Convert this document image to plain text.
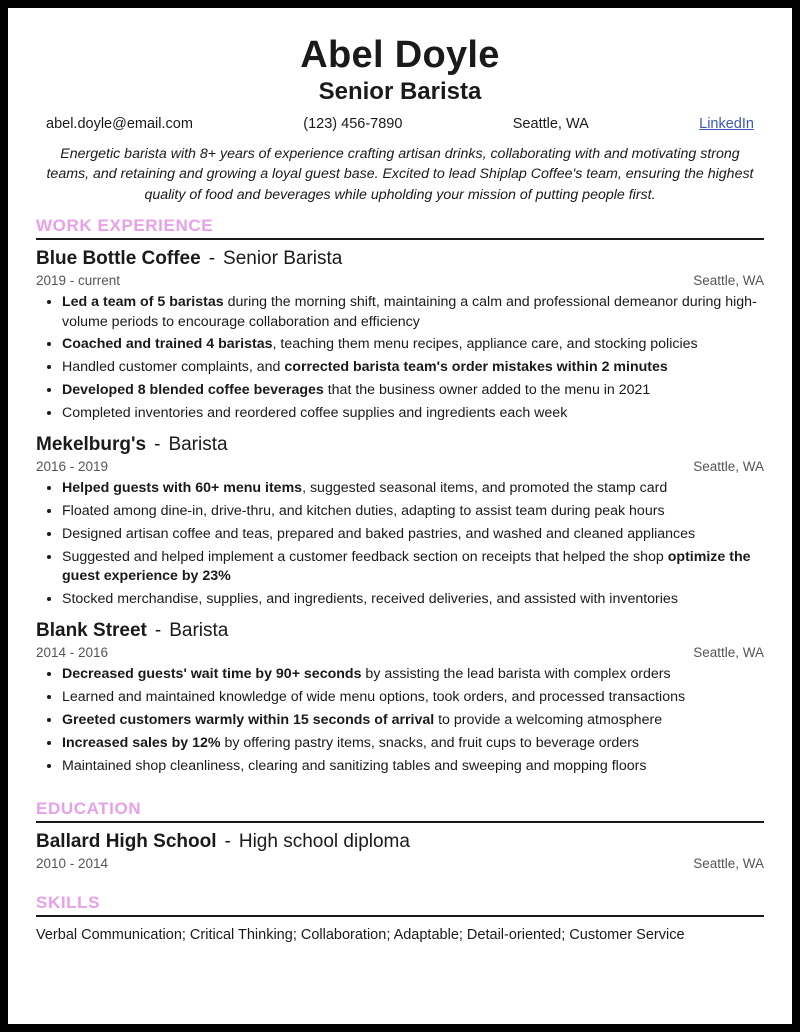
Abel Doyle
Senior Barista
abel.doyle@email.com	(123) 456-7890	Seattle, WA	LinkedIn
Energetic barista with 8+ years of experience crafting artisan drinks, collaborating with and motivating strong teams, and retaining and growing a loyal guest base. Excited to lead Shiplap Coffee's team, ensuring the highest quality of food and beverages while upholding your mission of putting people first.
WORK EXPERIENCE
Blue Bottle Coffee - Senior Barista
2019 - current	Seattle, WA
• Led a team of 5 baristas during the morning shift, maintaining a calm and professional demeanor during high-volume periods to encourage collaboration and efficiency
• Coached and trained 4 baristas, teaching them menu recipes, appliance care, and stocking policies
• Handled customer complaints, and corrected barista team's order mistakes within 2 minutes
• Developed 8 blended coffee beverages that the business owner added to the menu in 2021
• Completed inventories and reordered coffee supplies and ingredients each week
Mekelburg's - Barista
2016 - 2019	Seattle, WA
• Helped guests with 60+ menu items, suggested seasonal items, and promoted the stamp card
• Floated among dine-in, drive-thru, and kitchen duties, adapting to assist team during peak hours
• Designed artisan coffee and teas, prepared and baked pastries, and washed and cleaned appliances
• Suggested and helped implement a customer feedback section on receipts that helped the shop optimize the guest experience by 23%
• Stocked merchandise, supplies, and ingredients, received deliveries, and assisted with inventories
Blank Street - Barista
2014 - 2016	Seattle, WA
• Decreased guests' wait time by 90+ seconds by assisting the lead barista with complex orders
• Learned and maintained knowledge of wide menu options, took orders, and processed transactions
• Greeted customers warmly within 15 seconds of arrival to provide a welcoming atmosphere
• Increased sales by 12% by offering pastry items, snacks, and fruit cups to beverage orders
• Maintained shop cleanliness, clearing and sanitizing tables and sweeping and mopping floors
EDUCATION
Ballard High School - High school diploma
2010 - 2014	Seattle, WA
SKILLS
Verbal Communication; Critical Thinking; Collaboration; Adaptable; Detail-oriented; Customer Service
